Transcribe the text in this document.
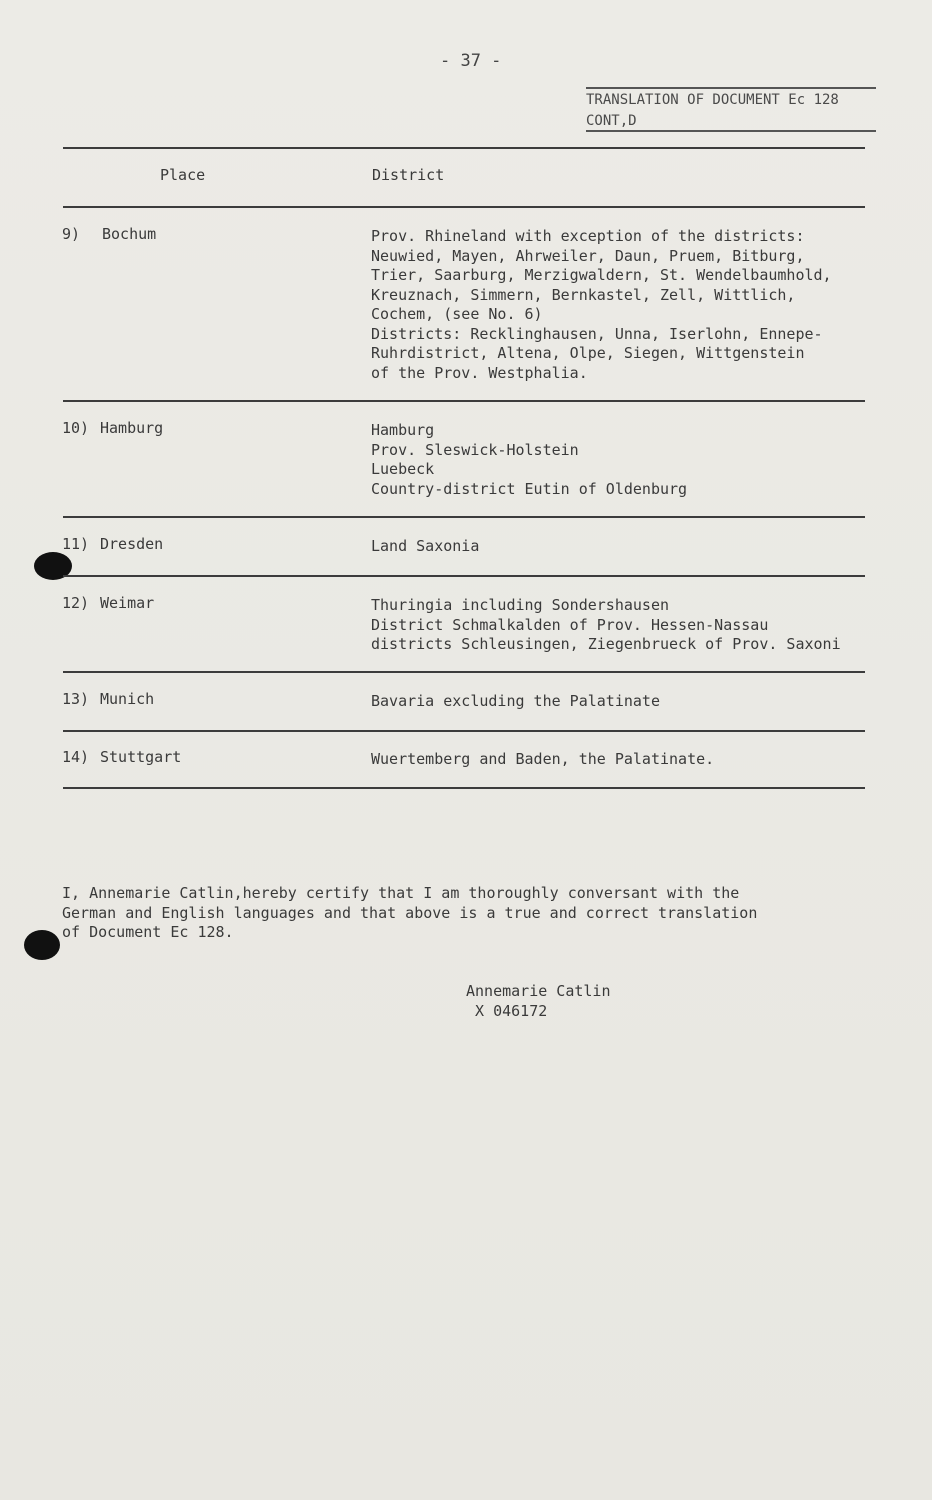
- 37 -
TRANSLATION OF DOCUMENT Ec 128
CONT,D
Place	District
9) Bochum	Prov. Rhineland with exception of the districts:
Neuwied, Mayen, Ahrweiler, Daun, Pruem, Bitburg,
Trier, Saarburg, Merzigwaldern, St. Wendelbaumhold,
Kreuznach, Simmern, Bernkastel, Zell, Wittlich,
Cochem, (see No. 6)
Districts: Recklinghausen, Unna, Iserlohn, Ennepe-
Ruhrdistrict, Altena, Olpe, Siegen, Wittgenstein
of the Prov. Westphalia.
10) Hamburg	Hamburg
Prov. Sleswick-Holstein
Luebeck
Country-district Eutin of Oldenburg
11) Dresden	Land Saxonia
12) Weimar	Thuringia including Sondershausen
District Schmalkalden of Prov. Hessen-Nassau
districts Schleusingen, Ziegenbrueck of Prov. Saxoni
13) Munich	Bavaria excluding the Palatinate
14) Stuttgart	Wuertemberg and Baden, the Palatinate.
I, Annemarie Catlin,hereby certify that I am thoroughly conversant with the
German and English languages and that above is a true and correct translation
of Document Ec 128.
Annemarie Catlin
X 046172
